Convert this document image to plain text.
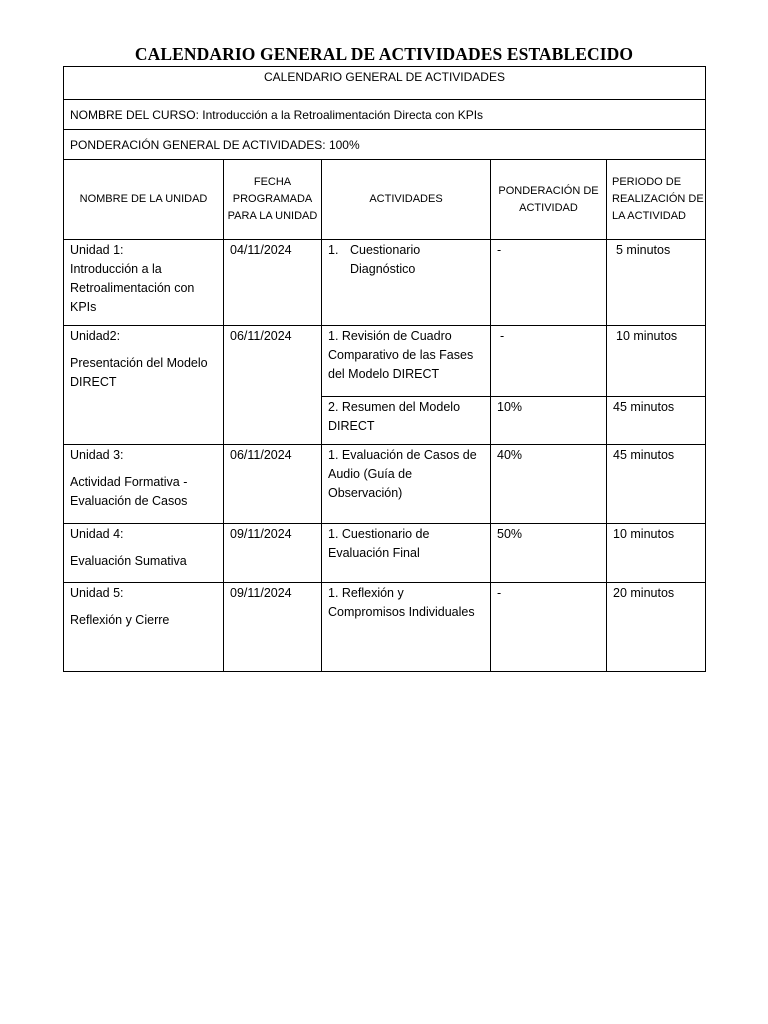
CALENDARIO GENERAL DE ACTIVIDADES ESTABLECIDO
CALENDARIO GENERAL DE ACTIVIDADES				
NOMBRE DEL CURSO: Introducción a la Retroalimentación Directa con KPIs				
PONDERACIÓN GENERAL DE ACTIVIDADES: 100%				
NOMBRE DE LA UNIDAD	FECHA PROGRAMADA PARA LA UNIDAD	ACTIVIDADES	PONDERACIÓN DE ACTIVIDAD	PERIODO DE REALIZACIÓN DE LA ACTIVIDAD
Unidad 1:
Introducción a la Retroalimentación con KPIs	04/11/2024	1. Cuestionario Diagnóstico	-	5 minutos
Unidad2:
Presentación del Modelo DIRECT	06/11/2024	1. Revisión de Cuadro Comparativo de las Fases del Modelo DIRECT	-	10 minutos
		2. Resumen del Modelo DIRECT	10%	45 minutos
Unidad 3:
Actividad Formativa - Evaluación de Casos	06/11/2024	1. Evaluación de Casos de Audio (Guía de Observación)	40%	45 minutos
Unidad 4:
Evaluación Sumativa	09/11/2024	1. Cuestionario de Evaluación Final	50%	10 minutos
Unidad 5:
Reflexión y Cierre	09/11/2024	1. Reflexión y Compromisos Individuales	-	20 minutos
